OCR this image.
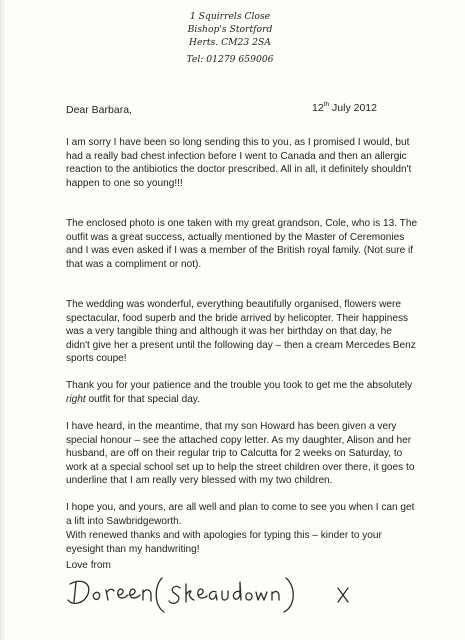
1 Squirrels Close
Bishop's Stortford
Herts. CM23 2SA
Tel: 01279 659006
Dear Barbara,	12th July 2012
I am sorry I have been so long sending this to you, as I promised I would, but had a really bad chest infection before I went to Canada and then an allergic reaction to the antibiotics the doctor prescribed. All in all, it definitely shouldn't happen to one so young!!!
The enclosed photo is one taken with my great grandson, Cole, who is 13. The outfit was a great success, actually mentioned by the Master of Ceremonies and I was even asked if I was a member of the British royal family. (Not sure if that was a compliment or not).
The wedding was wonderful, everything beautifully organised, flowers were spectacular, food superb and the bride arrived by helicopter. Their happiness was a very tangible thing and although it was her birthday on that day, he didn't give her a present until the following day – then a cream Mercedes Benz sports coupe!
Thank you for your patience and the trouble you took to get me the absolutely right outfit for that special day.
I have heard, in the meantime, that my son Howard has been given a very special honour – see the attached copy letter. As my daughter, Alison and her husband, are off on their regular trip to Calcutta for 2 weeks on Saturday, to work at a special school set up to help the street children over there, it goes to underline that I am really very blessed with my two children.
I hope you, and yours, are all well and plan to come to see you when I can get a lift into Sawbridgeworth.
With renewed thanks and with apologies for typing this – kinder to your eyesight than my handwriting!
Love from
